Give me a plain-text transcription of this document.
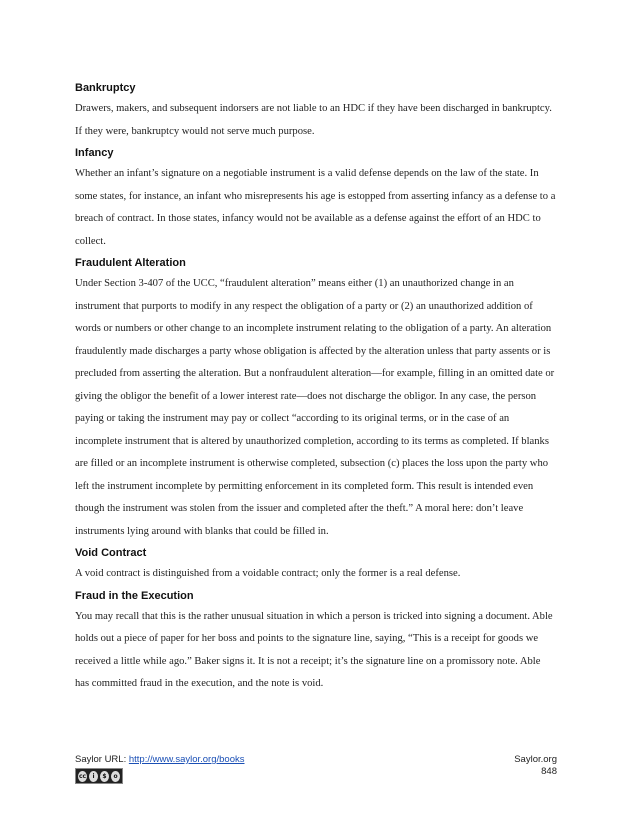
Bankruptcy

Drawers, makers, and subsequent indorsers are not liable to an HDC if they have been discharged in bankruptcy. If they were, bankruptcy would not serve much purpose.

Infancy

Whether an infant’s signature on a negotiable instrument is a valid defense depends on the law of the state. In some states, for instance, an infant who misrepresents his age is estopped from asserting infancy as a defense to a breach of contract. In those states, infancy would not be available as a defense against the effort of an HDC to collect.

Fraudulent Alteration

Under Section 3-407 of the UCC, “fraudulent alteration” means either (1) an unauthorized change in an instrument that purports to modify in any respect the obligation of a party or (2) an unauthorized addition of words or numbers or other change to an incomplete instrument relating to the obligation of a party. An alteration fraudulently made discharges a party whose obligation is affected by the alteration unless that party assents or is precluded from asserting the alteration. But a nonfraudulent alteration—for example, filling in an omitted date or giving the obligor the benefit of a lower interest rate—does not discharge the obligor. In any case, the person paying or taking the instrument may pay or collect “according to its original terms, or in the case of an incomplete instrument that is altered by unauthorized completion, according to its terms as completed. If blanks are filled or an incomplete instrument is otherwise completed, subsection (c) places the loss upon the party who left the instrument incomplete by permitting enforcement in its completed form. This result is intended even though the instrument was stolen from the issuer and completed after the theft.” A moral here: don’t leave instruments lying around with blanks that could be filled in.

Void Contract

A void contract is distinguished from a voidable contract; only the former is a real defense.

Fraud in the Execution

You may recall that this is the rather unusual situation in which a person is tricked into signing a document. Able holds out a piece of paper for her boss and points to the signature line, saying, “This is a receipt for goods we received a little while ago.” Baker signs it. It is not a receipt; it’s the signature line on a promissory note. Able has committed fraud in the execution, and the note is void.

Saylor URL: http://www.saylor.org/books
cc	i	$	o
Saylor.org
848
